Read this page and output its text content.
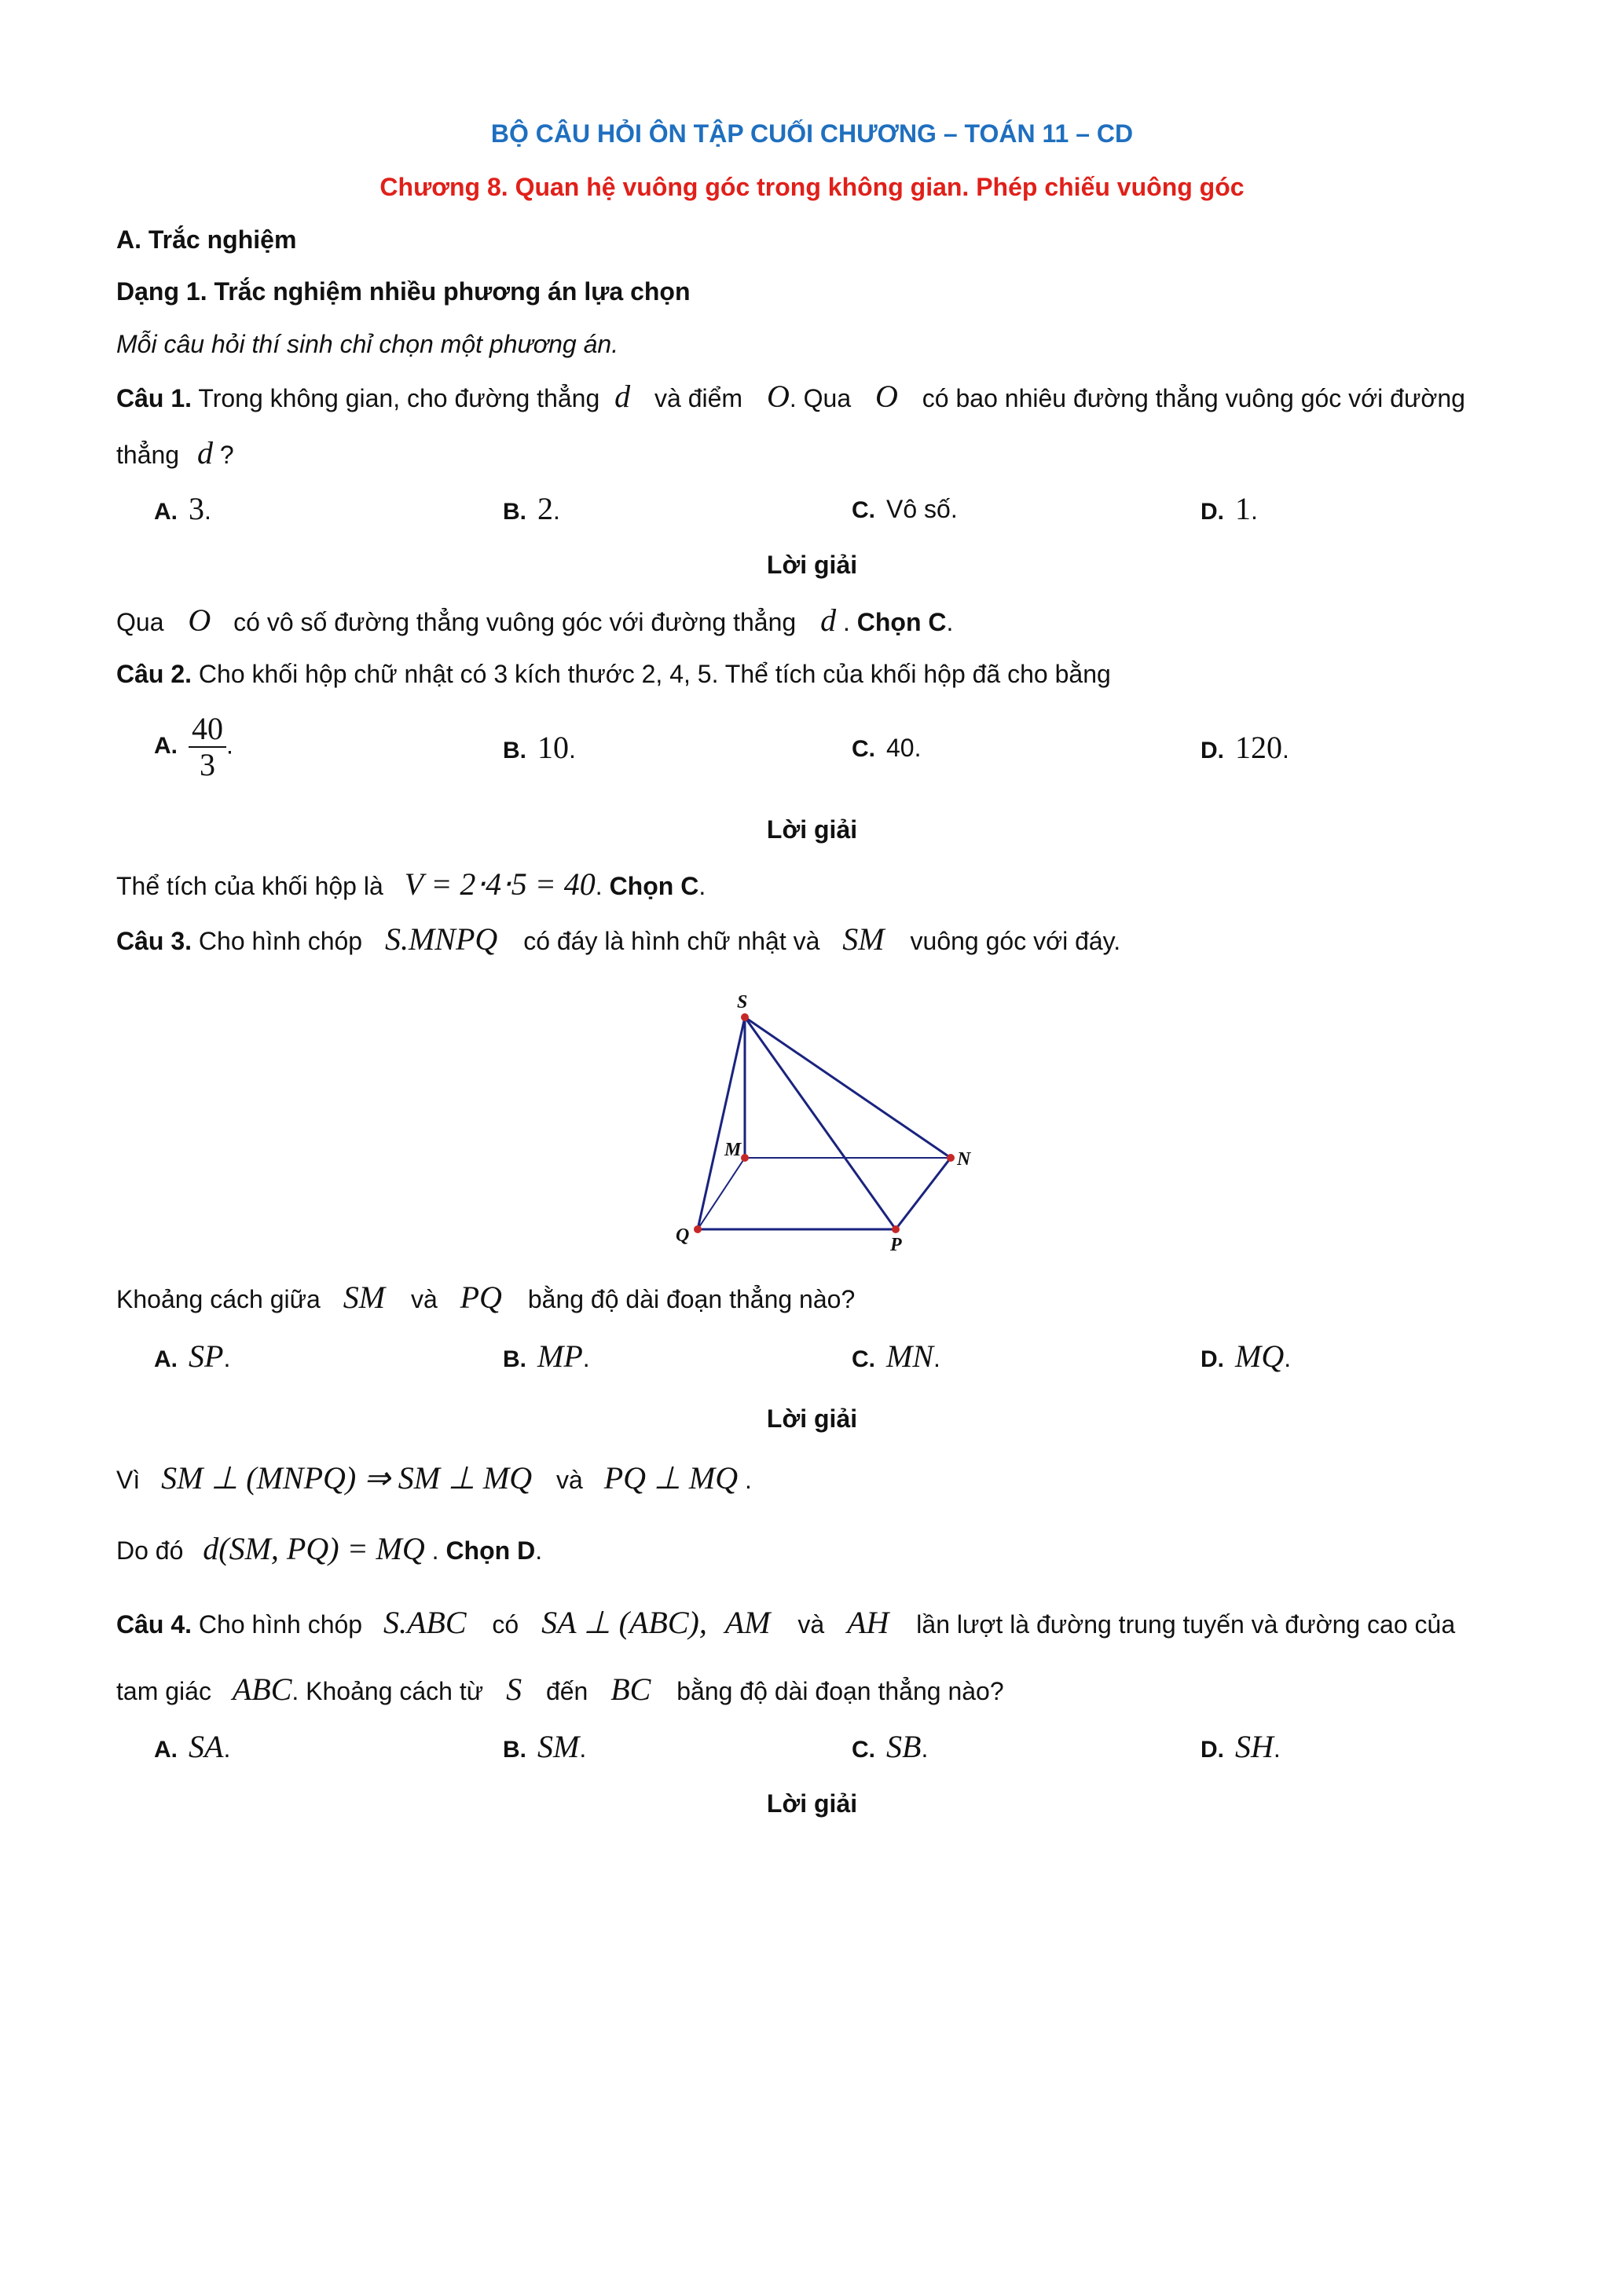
BỘ CÂU HỎI ÔN TẬP CUỐI CHƯƠNG – TOÁN 11 – CD
Chương 8. Quan hệ vuông góc trong không gian. Phép chiếu vuông góc
A. Trắc nghiệm
Dạng 1. Trắc nghiệm nhiều phương án lựa chọn
Mỗi câu hỏi thí sinh chỉ chọn một phương án.
Câu 1. Trong không gian, cho đường thẳng d và điểm O. Qua O có bao nhiêu đường thẳng vuông góc với đường
thẳng d ?
A. 3.	B. 2.	C. Vô số.	D. 1.
Lời giải
Qua O có vô số đường thẳng vuông góc với đường thẳng d . Chọn C.
Câu 2. Cho khối hộp chữ nhật có 3 kích thước 2, 4, 5. Thể tích của khối hộp đã cho bằng
A. $\frac{40}{3}$ .	B. 10.	C. 40.	D. 120.
Lời giải
Thể tích của khối hộp là V = 2⋅4⋅5 = 40. Chọn C.
Câu 3. Cho hình chóp S.MNPQ có đáy là hình chữ nhật và SM vuông góc với đáy.
S
M	N
P
Q
Khoảng cách giữa SM và PQ bằng độ dài đoạn thẳng nào?
A. SP.	B. MP.	C. MN.	D. MQ.
Lời giải
Vì SM ⊥ (MNPQ) ⇒ SM ⊥ MQ và PQ ⊥ MQ .
Do đó d(SM, PQ) = MQ . Chọn D.
Câu 4. Cho hình chóp S.ABC có SA ⊥ (ABC), AM và AH lần lượt là đường trung tuyến và đường cao của
tam giác ABC. Khoảng cách từ S đến BC bằng độ dài đoạn thẳng nào?
A. SA.	B. SM.	C. SB.	D. SH.
Lời giải
